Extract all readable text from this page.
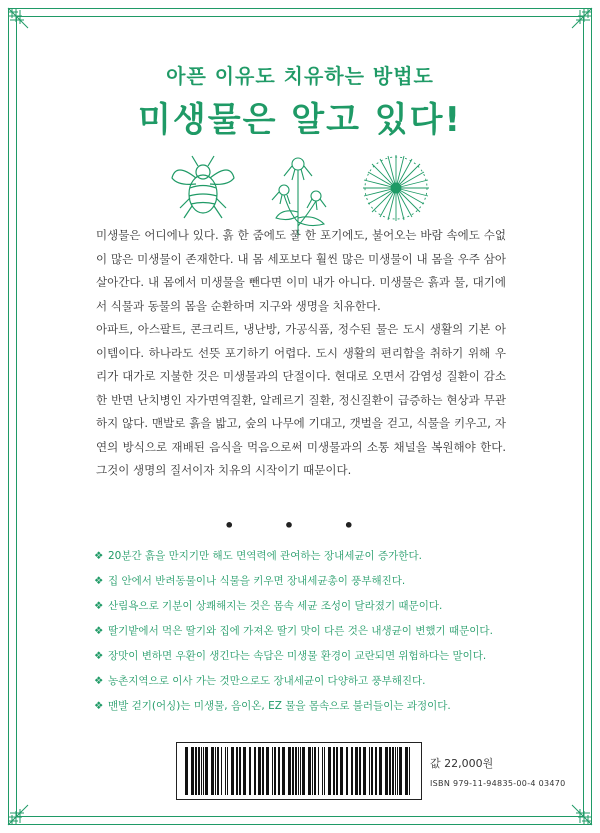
아픈 이유도 치유하는 방법도
미생물은 알고 있다!

미생물은 어디에나 있다. 흙 한 줌에도 풀 한 포기에도, 불어오는 바람 속에도 수없이 많은 미생물이 존재한다. 내 몸 세포보다 훨씬 많은 미생물이 내 몸을 우주 삼아 살아간다. 내 몸에서 미생물을 뺀다면 이미 내가 아니다. 미생물은 흙과 물, 대기에서 식물과 동물의 몸을 순환하며 지구와 생명을 치유한다.

아파트, 아스팔트, 콘크리트, 냉난방, 가공식품, 정수된 물은 도시 생활의 기본 아이템이다. 하나라도 선뜻 포기하기 어렵다. 도시 생활의 편리함을 취하기 위해 우리가 대가로 지불한 것은 미생물과의 단절이다. 현대로 오면서 감염성 질환이 감소한 반면 난치병인 자가면역질환, 알레르기 질환, 정신질환이 급증하는 현상과 무관하지 않다. 맨발로 흙을 밟고, 숲의 나무에 기대고, 갯벌을 걷고, 식물을 키우고, 자연의 방식으로 재배된 음식을 먹음으로써 미생물과의 소통 채널을 복원해야 한다. 그것이 생명의 질서이자 치유의 시작이기 때문이다.

• • •
❖ 20분간 흙을 만지기만 해도 면역력에 관여하는 장내세균이 증가한다.
❖ 집 안에서 반려동물이나 식물을 키우면 장내세균총이 풍부해진다.
❖ 산림욕으로 기분이 상쾌해지는 것은 몸속 세균 조성이 달라졌기 때문이다.
❖ 딸기밭에서 먹은 딸기와 집에 가져온 딸기 맛이 다른 것은 내생균이 변했기 때문이다.
❖ 장맛이 변하면 우환이 생긴다는 속담은 미생물 환경이 교란되면 위험하다는 말이다.
❖ 농촌지역으로 이사 가는 것만으로도 장내세균이 다양하고 풍부해진다.
❖ 맨발 걷기(어싱)는 미생물, 음이온, EZ 물을 몸속으로 불러들이는 과정이다.
값 22,000원
ISBN 979-11-94835-00-4 03470
